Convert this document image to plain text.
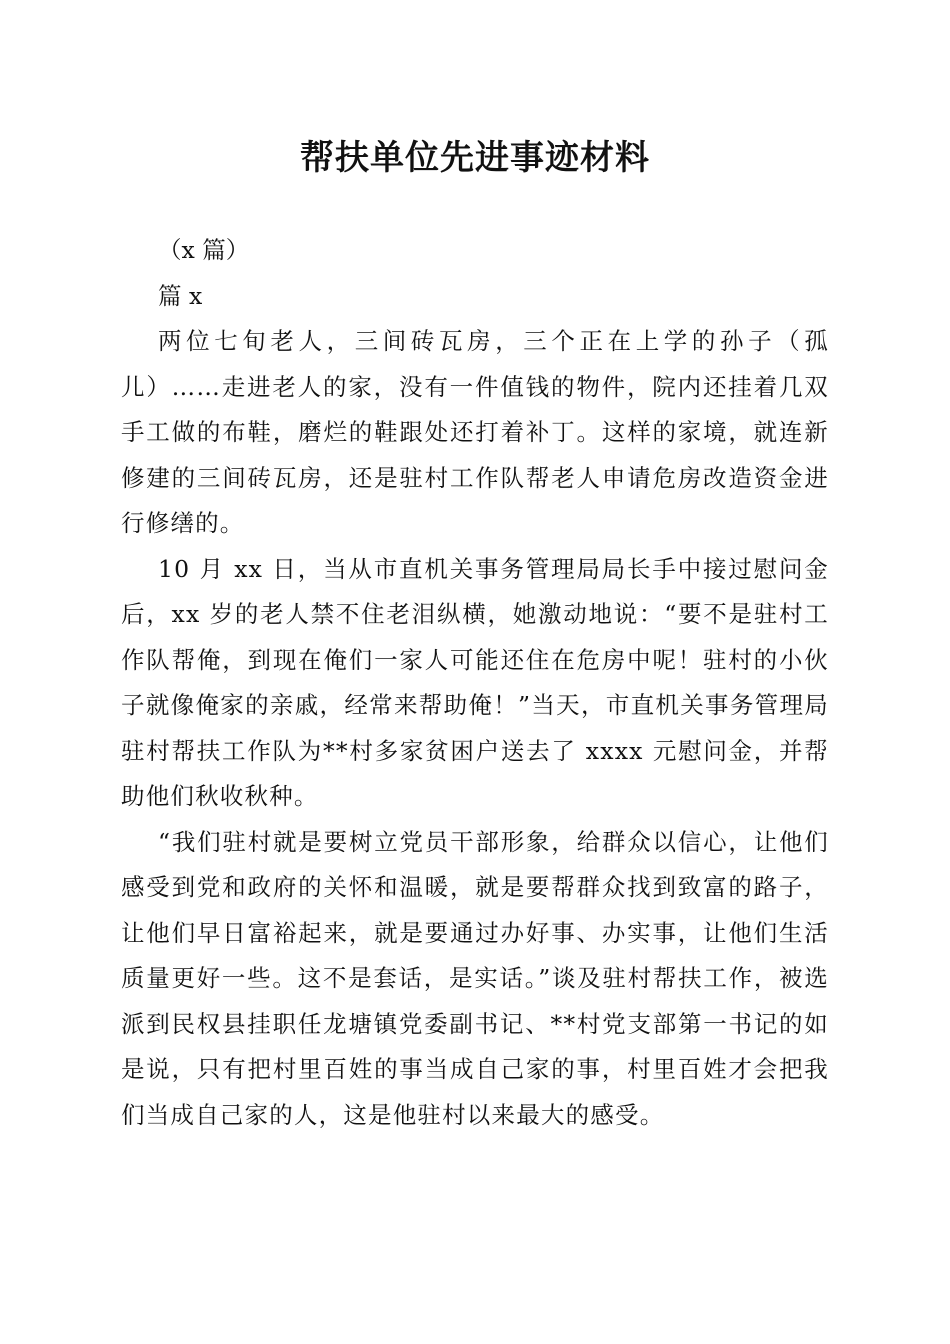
帮扶单位先进事迹材料
（x 篇）
篇 x

两位七旬老人，三间砖瓦房，三个正在上学的孙子（孤儿）……走进老人的家，没有一件值钱的物件，院内还挂着几双手工做的布鞋，磨烂的鞋跟处还打着补丁。这样的家境，就连新修建的三间砖瓦房，还是驻村工作队帮老人申请危房改造资金进行修缮的。

10 月 xx 日，当从市直机关事务管理局局长手中接过慰问金后，xx 岁的老人禁不住老泪纵横，她激动地说：“要不是驻村工作队帮俺，到现在俺们一家人可能还住在危房中呢！驻村的小伙子就像俺家的亲戚，经常来帮助俺！”当天，市直机关事务管理局驻村帮扶工作队为**村多家贫困户送去了 xxxx 元慰问金，并帮助他们秋收秋种。

“我们驻村就是要树立党员干部形象，给群众以信心，让他们感受到党和政府的关怀和温暖，就是要帮群众找到致富的路子，让他们早日富裕起来，就是要通过办好事、办实事，让他们生活质量更好一些。这不是套话，是实话。”谈及驻村帮扶工作，被选派到民权县挂职任龙塘镇党委副书记、**村党支部第一书记的如是说，只有把村里百姓的事当成自己家的事，村里百姓才会把我们当成自己家的人，这是他驻村以来最大的感受。
